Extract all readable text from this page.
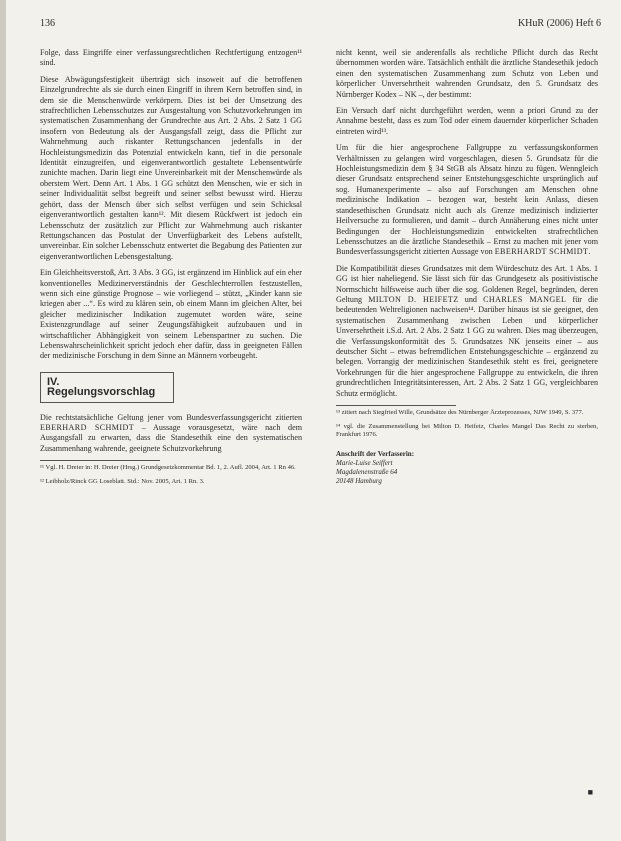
136	KHuR (2006) Heft 6

Folge, dass Eingriffe einer verfassungsrechtlichen Rechtfertigung entzogen¹¹ sind.

Diese Abwägungsfestigkeit überträgt sich insoweit auf die betroffenen Einzelgrundrechte als sie durch einen Eingriff in ihrem Kern betroffen sind, in dem sie die Menschenwürde verkörpern. Dies ist bei der Umsetzung des strafrechtlichen Lebensschutzes zur Ausgestaltung von Schutzvorkehrungen im systematischen Zusammenhang der Grundrechte aus Art. 2 Abs. 2 Satz 1 GG insofern von Bedeutung als der Ausgangsfall zeigt, dass die Pflicht zur Wahrnehmung auch riskanter Rettungschancen jedenfalls in der Hochleistungsmedizin das Potenzial entwickeln kann, tief in die personale Identität einzugreifen, und eigenverantwortlich gestaltete Lebensentwürfe zunichte machen. Darin liegt eine Unvereinbarkeit mit der Menschenwürde als oberstem Wert. Denn Art. 1 Abs. 1 GG schützt den Menschen, wie er sich in seiner Individualität selbst begreift und seiner selbst bewusst wird. Hierzu gehört, dass der Mensch über sich selbst verfügen und sein Schicksal eigenverantwortlich gestalten kann¹². Mit diesem Rückfwert ist jedoch ein Lebensschutz der zusätzlich zur Pflicht zur Wahrnehmung auch riskanter Rettungschancen das Postulat der Unverfügbarkeit des Lebens aufstellt, unvereinbar. Ein solcher Lebensschutz entwertet die Begabung des Patienten zur eigenverantwortlichen Lebensgestaltung.

Ein Gleichheitsverstoß, Art. 3 Abs. 3 GG, ist ergänzend im Hinblick auf ein eher konventionelles Medizinerverständnis der Geschlechterrollen festzustellen, wenn sich eine günstige Prognose – wie vorliegend – stützt, „Kinder kann sie kriegen aber ...“. Es wird zu klären sein, ob einem Mann im gleichen Alter, bei gleicher medizinischer Indikation zugemutet worden wäre, seine Existenzgrundlage auf seiner Zeugungsfähigkeit aufzubauen und in wirtschaftlicher Abhängigkeit von seinem Lebenspartner zu suchen. Die Lebenswahrscheinlichkeit spricht jedoch eher dafür, dass in geeigneten Fällen der medizinische Forschung in dem Sinne an Männern vorbeugeht.

IV. Regelungsvorschlag

Die rechtstatsächliche Geltung jener vom Bundesverfassungsgericht zitierten EBERHARD SCHMIDT – Aussage vorausgesetzt, wäre nach dem Ausgangsfall zu erwarten, dass die Standesethik eine den systematischen Zusammenhang wahrende, geeignete Schutzvorkehrung

¹¹ Vgl. H. Dreier in: H. Dreier (Hrsg.) Grundgesetzkommentar Bd. 1, 2. Aufl. 2004, Art. 1 Rn 46.

¹² Leibholz/Rinck GG Loseblatt. Std.: Nov. 2005, Art. 1 Rn. 3.

nicht kennt, weil sie anderenfalls als rechtliche Pflicht durch das Recht übernommen worden wäre. Tatsächlich enthält die ärztliche Standesethik jedoch einen den systematischen Zusammenhang zum Schutz von Leben und körperlicher Unversehrtheit wahrenden Grundsatz, den 5. Grundsatz des Nürnberger Kodex – NK –, der bestimmt:

Ein Versuch darf nicht durchgeführt werden, wenn a priori Grund zu der Annahme besteht, dass es zum Tod oder einem dauernder körperlicher Schaden eintreten wird¹³.

Um für die hier angesprochene Fallgruppe zu verfassungskonformen Verhältnissen zu gelangen wird vorgeschlagen, diesen 5. Grundsatz für die Hochleistungsmedizin dem § 34 StGB als Absatz hinzu zu fügen. Wenngleich dieser Grundsatz entsprechend seiner Entstehungsgeschichte ursprünglich auf sog. Humanexperimente – also auf Forschungen am Menschen ohne medizinische Indikation – bezogen war, besteht kein Anlass, diesen standesethischen Grundsatz nicht auch als Grenze medizinisch indizierter Heilversuche zu formulieren, und damit – durch Annäherung eines nicht unter Bedingungen der Hochleistungsmedizin entwickelten strafrechtlichen Lebensschutzes an die ärztliche Standesethik – Ernst zu machen mit jener vom Bundesverfassungsgericht zitierten Aussage von EBERHARDT SCHMIDT.

Die Kompatibilität dieses Grundsatzes mit dem Würdeschutz des Art. 1 Abs. 1 GG ist hier naheliegend. Sie lässt sich für das Grundgesetz als positivistische Normschicht hilfsweise auch über die sog. Goldenen Regel, begründen, deren Geltung MILTON D. HEIFETZ und CHARLES MANGEL für die bedeutenden Weltreligionen nachweisen¹⁴. Darüber hinaus ist sie geeignet, den systematischen Zusammenhang zwischen Leben und körperlicher Unversehrtheit i.S.d. Art. 2 Abs. 2 Satz 1 GG zu wahren. Dies mag überzeugen, die Verfassungskonformität des 5. Grundsatzes NK jenseits einer – aus deutscher Sicht – etwas befremdlichen Entstehungsgeschichte – ergänzend zu belegen. Vorrangig der medizinischen Standesethik steht es frei, geeignetere Vorkehrungen für die hier angesprochene Fallgruppe zu entwickeln, die ihren grundrechtlichen Integritätsinteressen, Art. 2 Abs. 2 Satz 1 GG, vergleichbaren Schutz ermöglicht.

¹³ zitiert nach Siegfried Wille, Grundsätze des Nürnberger Ärzteprozesses, NJW 1949, S. 377.

¹⁴ vgl. die Zusammenstellung bei Milton D. Heifetz, Charles Mangel Das Recht zu sterben, Frankfurt 1976.

Anschrift der Verfasserin:
Marie-Luise Seiffert
Magdalenenstraße 64
20148 Hamburg
■
